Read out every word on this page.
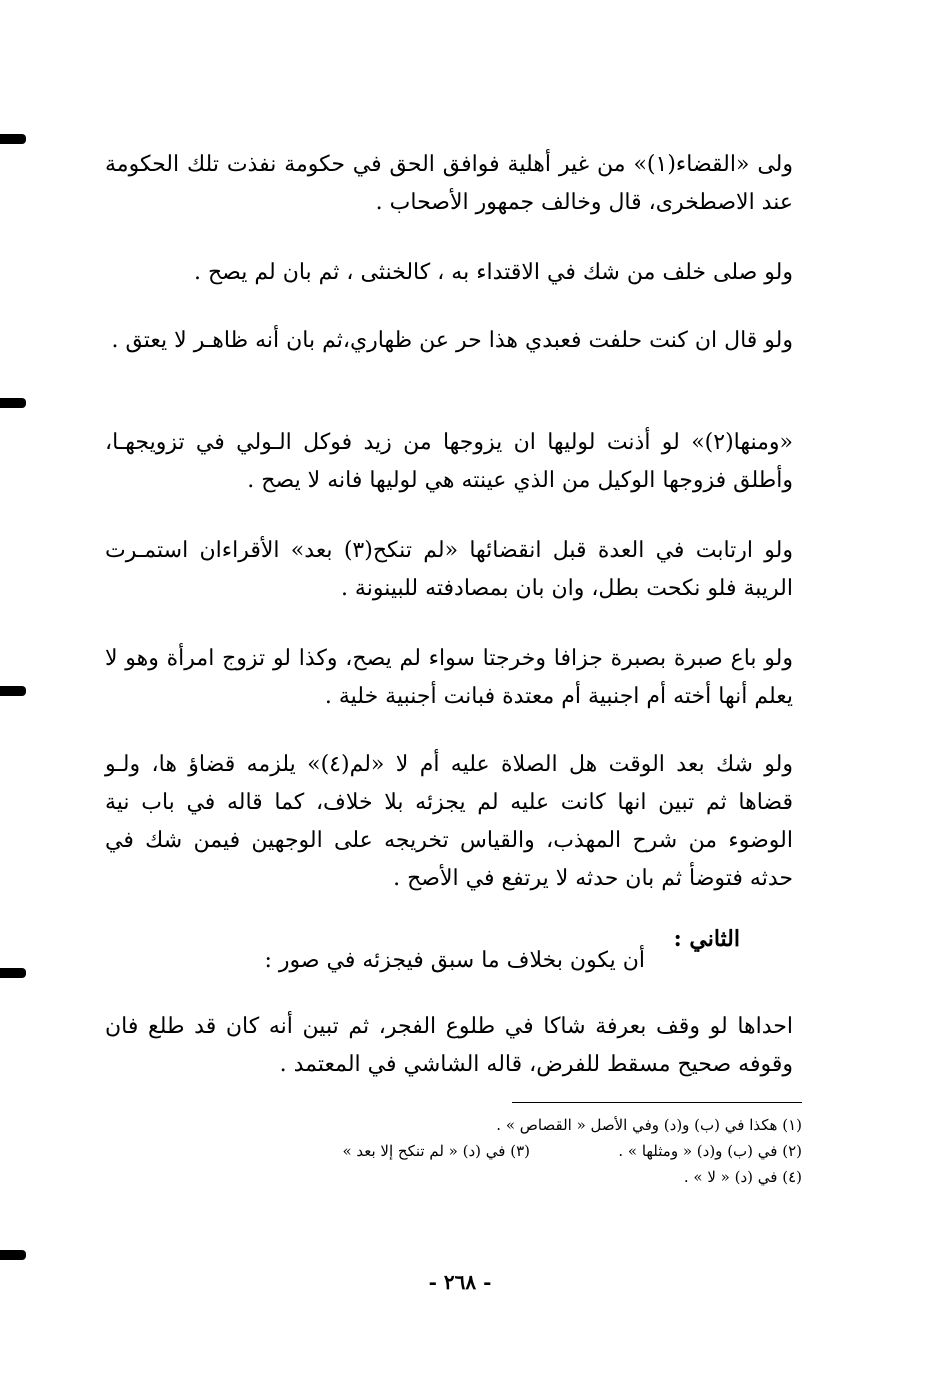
ولى «القضاء(١)» من غير أهلية فوافق الحق في حكومة نفذت تلك الحكومة عند الاصطخرى، قال وخالف جمهور الأصحاب .

ولو صلى خلف من شك في الاقتداء به ، كالخنثى ، ثم بان لم يصح .

ولو قال ان كنت حلفت فعبدي هذا حر عن ظهاري،ثم بان أنه ظاهـر لا يعتق .

«ومنها(٢)» لو أذنت لوليها ان يزوجها من زيد فوكل الـولي في تزويجهـا، وأطلق فزوجها الوكيل من الذي عينته هي لوليها فانه لا يصح .

ولو ارتابت في العدة قبل انقضائها «لم تنكح(٣) بعد» الأقراءان استمـرت الريبة فلو نكحت بطل، وان بان بمصادفته للبينونة .

ولو باع صبرة بصبرة جزافا وخرجتا سواء لم يصح، وكذا لو تزوج امرأة وهو لا يعلم أنها أخته أم اجنبية أم معتدة فبانت أجنبية خلية .

ولو شك بعد الوقت هل الصلاة عليه أم لا «لم(٤)» يلزمه قضاؤ ها، ولـو قضاها ثم تبين انها كانت عليه لم يجزئه بلا خلاف، كما قاله في باب نية الوضوء من شرح المهذب، والقياس تخريجه على الوجهين فيمن شك في حدثه فتوضأ ثم بان حدثه لا يرتفع في الأصح .

الثاني :
أن يكون بخلاف ما سبق فيجزئه في صور :

احداها لو وقف بعرفة شاكا في طلوع الفجر، ثم تبين أنه كان قد طلع فان وقوفه صحيح مسقط للفرض، قاله الشاشي في المعتمد .

(١) هكذا في (ب) و(د) وفي الأصل « القصاص » .
(٢) في (ب) و(د) « ومثلها » .
(٣) في (د) « لم تنكح إلا بعد »
(٤) في (د) « لا » .
- ٢٦٨ -
